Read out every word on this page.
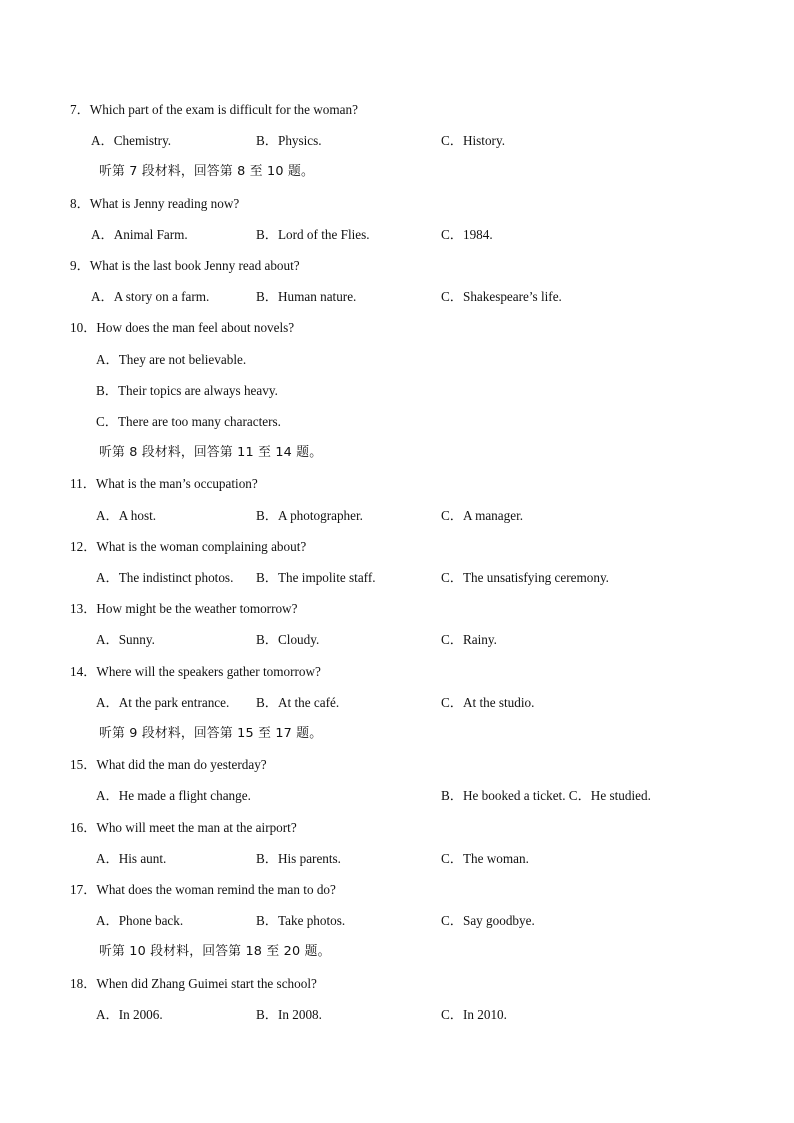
7．Which part of the exam is difficult for the woman?
A．Chemistry.	B．Physics.	C．History.
听第 7 段材料，回答第 8 至 10 题。
8．What is Jenny reading now?
A．Animal Farm.	B．Lord of the Flies.	C．1984.
9．What is the last book Jenny read about?
A．A story on a farm.	B．Human nature.	C．Shakespeare’s life.
10．How does the man feel about novels?
A．They are not believable.
B．Their topics are always heavy.
C．There are too many characters.
听第 8 段材料，回答第 11 至 14 题。
11．What is the man’s occupation?
A．A host.	B．A photographer.	C．A manager.
12．What is the woman complaining about?
A．The indistinct photos. B．The impolite staff.	C．The unsatisfying ceremony.
13．How might be the weather tomorrow?
A．Sunny.	B．Cloudy.	C．Rainy.
14．Where will the speakers gather tomorrow?
A．At the park entrance. B．At the café.	C．At the studio.
听第 9 段材料，回答第 15 至 17 题。
15．What did the man do yesterday?
A．He made a flight change.	B．He booked a ticket. C．He studied.
16．Who will meet the man at the airport?
A．His aunt.	B．His parents.	C．The woman.
17．What does the woman remind the man to do?
A．Phone back.	B．Take photos.	C．Say goodbye.
听第 10 段材料，回答第 18 至 20 题。
18．When did Zhang Guimei start the school?
A．In 2006.	B．In 2008.	C．In 2010.
